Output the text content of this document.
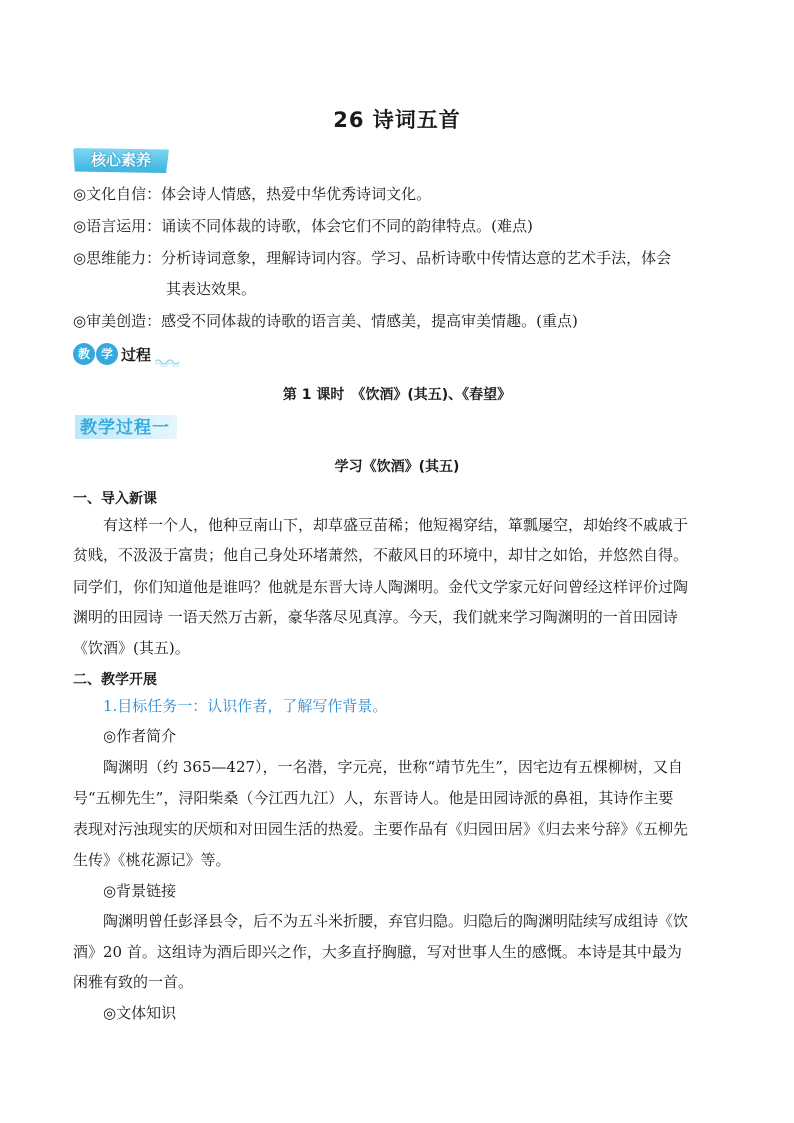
26 诗词五首
核心素养
◎文化自信：体会诗人情感，热爱中华优秀诗词文化。
◎语言运用：诵读不同体裁的诗歌，体会它们不同的韵律特点。(难点)
◎思维能力：分析诗词意象，理解诗词内容。学习、品析诗歌中传情达意的艺术手法，体会
其表达效果。
◎审美创造：感受不同体裁的诗歌的语言美、情感美，提高审美情趣。(重点)
教 学 过程
第 1 课时　《饮酒》(其五)、《春望》
教学过程一
学习《饮酒》(其五)
一、导入新课
有这样一个人，他种豆南山下，却草盛豆苗稀；他短褐穿结，箪瓢屡空，却始终不戚戚于
贫贱，不汲汲于富贵；他自己身处环堵萧然，不蔽风日的环境中，却甘之如饴，并悠然自得。
同学们，你们知道他是谁吗？他就是东晋大诗人陶渊明。金代文学家元好问曾经这样评价过陶
渊明的田园诗 一语天然万古新，豪华落尽见真淳。今天，我们就来学习陶渊明的一首田园诗
《饮酒》(其五)。
二、教学开展
1.目标任务一：认识作者，了解写作背景。
◎作者简介
陶渊明（约 365—427），一名潜，字元亮，世称“靖节先生”，因宅边有五棵柳树，又自
号“五柳先生”，浔阳柴桑（今江西九江）人，东晋诗人。他是田园诗派的鼻祖，其诗作主要
表现对污浊现实的厌烦和对田园生活的热爱。主要作品有《归园田居》《归去来兮辞》《五柳先
生传》《桃花源记》等。
◎背景链接
陶渊明曾任彭泽县令，后不为五斗米折腰，弃官归隐。归隐后的陶渊明陆续写成组诗《饮
酒》20 首。这组诗为酒后即兴之作，大多直抒胸臆，写对世事人生的感慨。本诗是其中最为
闲雅有致的一首。
◎文体知识
